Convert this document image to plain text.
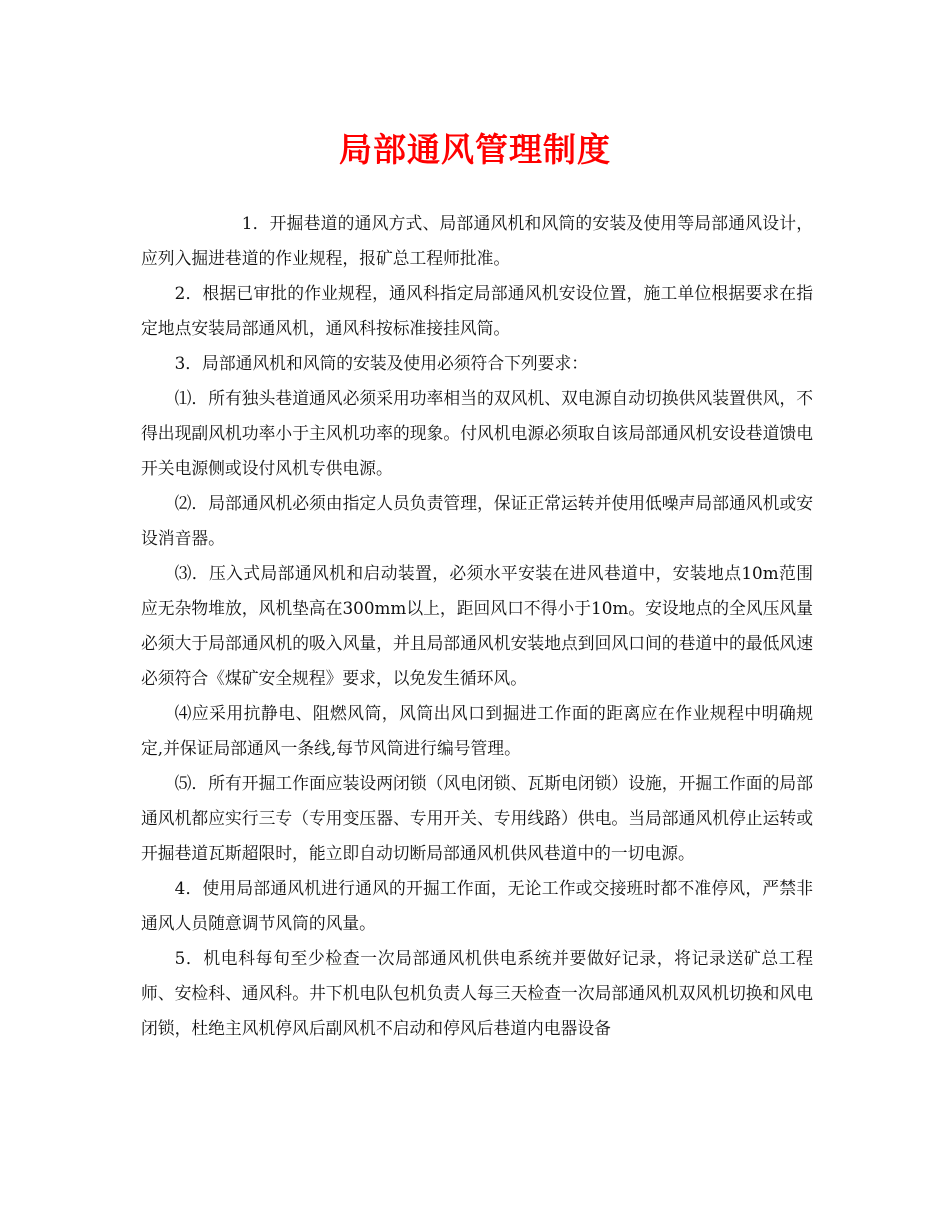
局部通风管理制度

1．开掘巷道的通风方式、局部通风机和风筒的安装及使用等局部通风设计，应列入掘进巷道的作业规程，报矿总工程师批准。

2．根据已审批的作业规程，通风科指定局部通风机安设位置，施工单位根据要求在指定地点安装局部通风机，通风科按标准接挂风筒。

3．局部通风机和风筒的安装及使用必须符合下列要求：

⑴．所有独头巷道通风必须采用功率相当的双风机、双电源自动切换供风装置供风，不得出现副风机功率小于主风机功率的现象。付风机电源必须取自该局部通风机安设巷道馈电开关电源侧或设付风机专供电源。

⑵．局部通风机必须由指定人员负责管理，保证正常运转并使用低噪声局部通风机或安设消音器。

⑶．压入式局部通风机和启动装置，必须水平安装在进风巷道中，安装地点10m范围应无杂物堆放，风机垫高在300mm以上，距回风口不得小于10m。安设地点的全风压风量必须大于局部通风机的吸入风量，并且局部通风机安装地点到回风口间的巷道中的最低风速必须符合《煤矿安全规程》要求，以免发生循环风。

⑷应采用抗静电、阻燃风筒，风筒出风口到掘进工作面的距离应在作业规程中明确规定,并保证局部通风一条线,每节风筒进行编号管理。

⑸．所有开掘工作面应装设两闭锁（风电闭锁、瓦斯电闭锁）设施，开掘工作面的局部通风机都应实行三专（专用变压器、专用开关、专用线路）供电。当局部通风机停止运转或开掘巷道瓦斯超限时，能立即自动切断局部通风机供风巷道中的一切电源。

4．使用局部通风机进行通风的开掘工作面，无论工作或交接班时都不准停风，严禁非通风人员随意调节风筒的风量。

5．机电科每旬至少检查一次局部通风机供电系统并要做好记录，将记录送矿总工程师、安检科、通风科。井下机电队包机负责人每三天检查一次局部通风机双风机切换和风电闭锁，杜绝主风机停风后副风机不启动和停风后巷道内电器设备
